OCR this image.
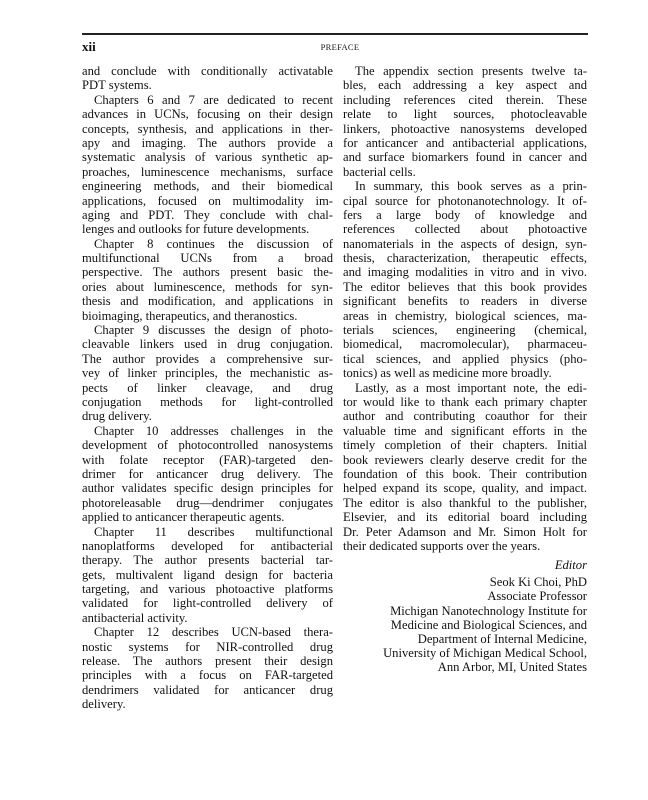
xii	PREFACE
and conclude with conditionally activatable
PDT systems.
Chapters 6 and 7 are dedicated to recent
advances in UCNs, focusing on their design
concepts, synthesis, and applications in ther-
apy and imaging. The authors provide a
systematic analysis of various synthetic ap-
proaches, luminescence mechanisms, surface
engineering methods, and their biomedical
applications, focused on multimodality im-
aging and PDT. They conclude with chal-
lenges and outlooks for future developments.
Chapter 8 continues the discussion of
multifunctional UCNs from a broad
perspective. The authors present basic the-
ories about luminescence, methods for syn-
thesis and modification, and applications in
bioimaging, therapeutics, and theranostics.
Chapter 9 discusses the design of photo-
cleavable linkers used in drug conjugation.
The author provides a comprehensive sur-
vey of linker principles, the mechanistic as-
pects of linker cleavage, and drug
conjugation methods for light-controlled
drug delivery.
Chapter 10 addresses challenges in the
development of photocontrolled nanosystems
with folate receptor (FAR)-targeted den-
drimer for anticancer drug delivery. The
author validates specific design principles for
photoreleasable drug—dendrimer conjugates
applied to anticancer therapeutic agents.
Chapter 11 describes multifunctional
nanoplatforms developed for antibacterial
therapy. The author presents bacterial tar-
gets, multivalent ligand design for bacteria
targeting, and various photoactive platforms
validated for light-controlled delivery of
antibacterial activity.
Chapter 12 describes UCN-based thera-
nostic systems for NIR-controlled drug
release. The authors present their design
principles with a focus on FAR-targeted
dendrimers validated for anticancer drug
delivery.
The appendix section presents twelve ta-
bles, each addressing a key aspect and
including references cited therein. These
relate to light sources, photocleavable
linkers, photoactive nanosystems developed
for anticancer and antibacterial applications,
and surface biomarkers found in cancer and
bacterial cells.
In summary, this book serves as a prin-
cipal source for photonanotechnology. It of-
fers a large body of knowledge and
references collected about photoactive
nanomaterials in the aspects of design, syn-
thesis, characterization, therapeutic effects,
and imaging modalities in vitro and in vivo.
The editor believes that this book provides
significant benefits to readers in diverse
areas in chemistry, biological sciences, ma-
terials sciences, engineering (chemical,
biomedical, macromolecular), pharmaceu-
tical sciences, and applied physics (pho-
tonics) as well as medicine more broadly.
Lastly, as a most important note, the edi-
tor would like to thank each primary chapter
author and contributing coauthor for their
valuable time and significant efforts in the
timely completion of their chapters. Initial
book reviewers clearly deserve credit for the
foundation of this book. Their contribution
helped expand its scope, quality, and impact.
The editor is also thankful to the publisher,
Elsevier, and its editorial board including
Dr. Peter Adamson and Mr. Simon Holt for
their dedicated supports over the years.
Editor
Seok Ki Choi, PhD
Associate Professor
Michigan Nanotechnology Institute for
Medicine and Biological Sciences, and
Department of Internal Medicine,
University of Michigan Medical School,
Ann Arbor, MI, United States
